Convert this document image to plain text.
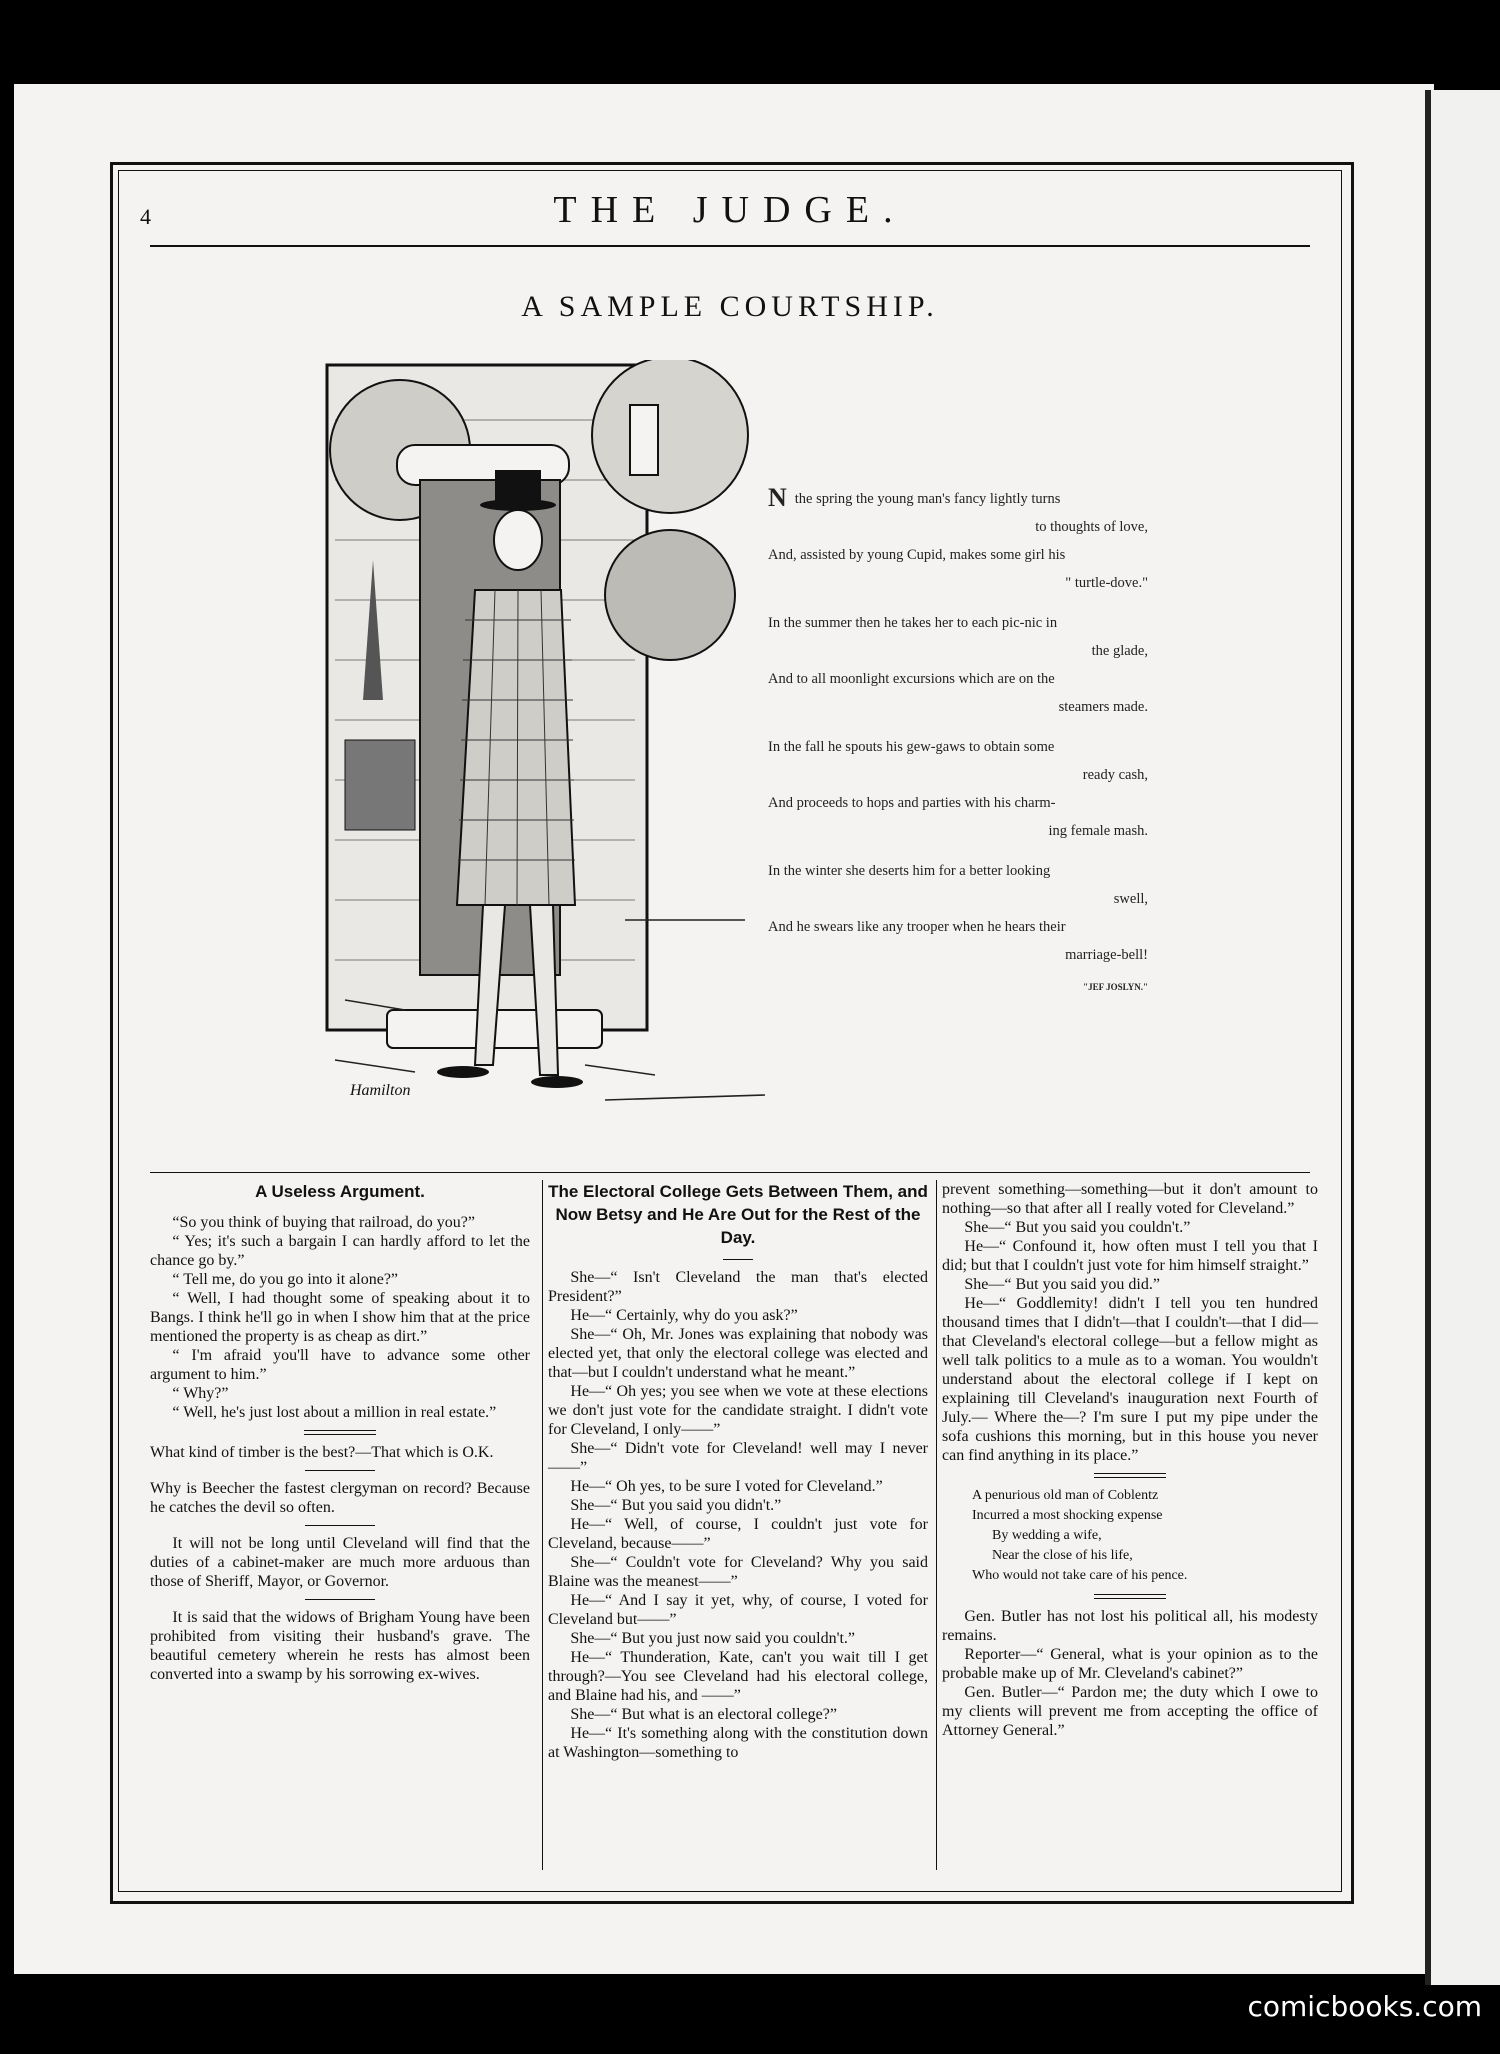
4	THE JUDGE.
A SAMPLE COURTSHIP.
Hamilton

N the spring the young man's fancy lightly turns

to thoughts of love,

And, assisted by young Cupid, makes some girl his

" turtle-dove."

In the summer then he takes her to each pic-nic in

the glade,

And to all moonlight excursions which are on the

steamers made.

In the fall he spouts his gew-gaws to obtain some

ready cash,

And proceeds to hops and parties with his charm-

ing female mash.

In the winter she deserts him for a better looking

swell,

And he swears like any trooper when he hears their

marriage-bell!

"JEF JOSLYN."
A Useless Argument.

“So you think of buying that railroad, do you?”

“ Yes; it's such a bargain I can hardly afford to let the chance go by.”

“ Tell me, do you go into it alone?”

“ Well, I had thought some of speaking about it to Bangs. I think he'll go in when I show him that at the price mentioned the property is as cheap as dirt.”

“ I'm afraid you'll have to advance some other argument to him.”

“ Why?”

“ Well, he's just lost about a million in real estate.”

What kind of timber is the best?—That which is O.K.

Why is Beecher the fastest clergyman on record? Because he catches the devil so often.

It will not be long until Cleveland will find that the duties of a cabinet-maker are much more arduous than those of Sheriff, Mayor, or Governor.

It is said that the widows of Brigham Young have been prohibited from visiting their husband's grave. The beautiful cemetery wherein he rests has almost been converted into a swamp by his sorrowing ex-wives.

The Electoral College Gets Between Them, and Now Betsy and He Are Out for the Rest of the Day.

She—“ Isn't Cleveland the man that's elected President?”

He—“ Certainly, why do you ask?”

She—“ Oh, Mr. Jones was explaining that nobody was elected yet, that only the electoral college was elected and that—but I couldn't understand what he meant.”

He—“ Oh yes; you see when we vote at these elections we don't just vote for the candidate straight. I didn't vote for Cleveland, I only——”

She—“ Didn't vote for Cleveland! well may I never——”

He—“ Oh yes, to be sure I voted for Cleveland.”

She—“ But you said you didn't.”

He—“ Well, of course, I couldn't just vote for Cleveland, because——”

She—“ Couldn't vote for Cleveland? Why you said Blaine was the meanest——”

He—“ And I say it yet, why, of course, I voted for Cleveland but——”

She—“ But you just now said you couldn't.”

He—“ Thunderation, Kate, can't you wait till I get through?—You see Cleveland had his electoral college, and Blaine had his, and ——”

She—“ But what is an electoral college?”

He—“ It's something along with the constitution down at Washington—something to

prevent something—something—but it don't amount to nothing—so that after all I really voted for Cleveland.”

She—“ But you said you couldn't.”

He—“ Confound it, how often must I tell you that I did; but that I couldn't just vote for him himself straight.”

She—“ But you said you did.”

He—“ Goddlemity! didn't I tell you ten hundred thousand times that I didn't—that I couldn't—that I did—that Cleveland's electoral college—but a fellow might as well talk politics to a mule as to a woman. You wouldn't understand about the electoral college if I kept on explaining till Cleveland's inauguration next Fourth of July.— Where the—? I'm sure I put my pipe under the sofa cushions this morning, but in this house you never can find anything in its place.”

A penurious old man of Coblentz
Incurred a most shocking expense
By wedding a wife,
Near the close of his life,
Who would not take care of his pence.

Gen. Butler has not lost his political all, his modesty remains.

Reporter—“ General, what is your opinion as to the probable make up of Mr. Cleveland's cabinet?”

Gen. Butler—“ Pardon me; the duty which I owe to my clients will prevent me from accepting the office of Attorney General.”

comicbooks.com
